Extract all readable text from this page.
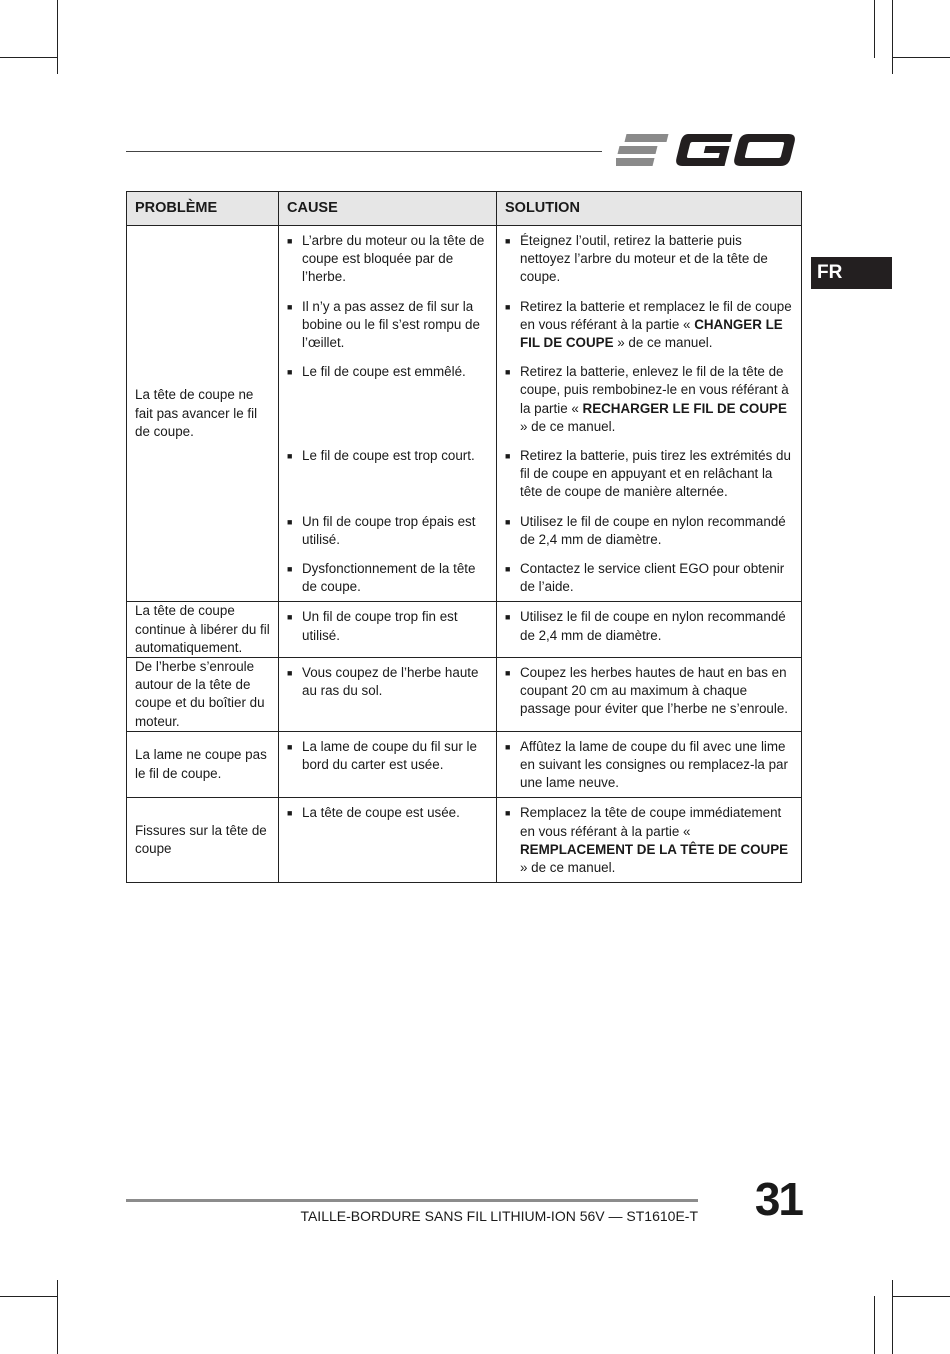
FR
PROBLÈME	CAUSE	SOLUTION

La tête de coupe ne fait pas avancer le fil de coupe.	■ L’arbre du moteur ou la tête de coupe est bloquée par de l’herbe.	■ Éteignez l’outil, retirez la batterie puis nettoyez l’arbre du moteur et de la tête de coupe.

	■ Il n’y a pas assez de fil sur la bobine ou le fil s’est rompu de l’œillet.	■ Retirez la batterie et remplacez le fil de coupe en vous référant à la partie « CHANGER LE FIL DE COUPE » de ce manuel.

	■ Le fil de coupe est emmêlé.	■ Retirez la batterie, enlevez le fil de la tête de coupe, puis rembobinez-le en vous référant à la partie « RECHARGER LE FIL DE COUPE » de ce manuel.

	■ Le fil de coupe est trop court.	■ Retirez la batterie, puis tirez les extrémités du fil de coupe en appuyant et en relâchant la tête de coupe de manière alternée.

	■ Un fil de coupe trop épais est utilisé.	■ Utilisez le fil de coupe en nylon recommandé de 2,4 mm de diamètre.

	■ Dysfonctionnement de la tête de coupe.	■ Contactez le service client EGO pour obtenir de l’aide.

La tête de coupe continue à libérer du fil automatiquement.	■ Un fil de coupe trop fin est utilisé.	■ Utilisez le fil de coupe en nylon recommandé de 2,4 mm de diamètre.

De l’herbe s’enroule autour de la tête de coupe et du boîtier du moteur.	■ Vous coupez de l’herbe haute au ras du sol.	■ Coupez les herbes hautes de haut en bas en coupant 20 cm au maximum à chaque passage pour éviter que l’herbe ne s’enroule.

La lame ne coupe pas le fil de coupe.	■ La lame de coupe du fil sur le bord du carter est usée.	■ Affûtez la lame de coupe du fil avec une lime en suivant les consignes ou remplacez-la par une lame neuve.

Fissures sur la tête de coupe	■ La tête de coupe est usée.	■ Remplacez la tête de coupe immédiatement en vous référant à la partie « REMPLACEMENT DE LA TÊTE DE COUPE » de ce manuel.
TAILLE-BORDURE SANS FIL LITHIUM-ION 56V — ST1610E-T 31
